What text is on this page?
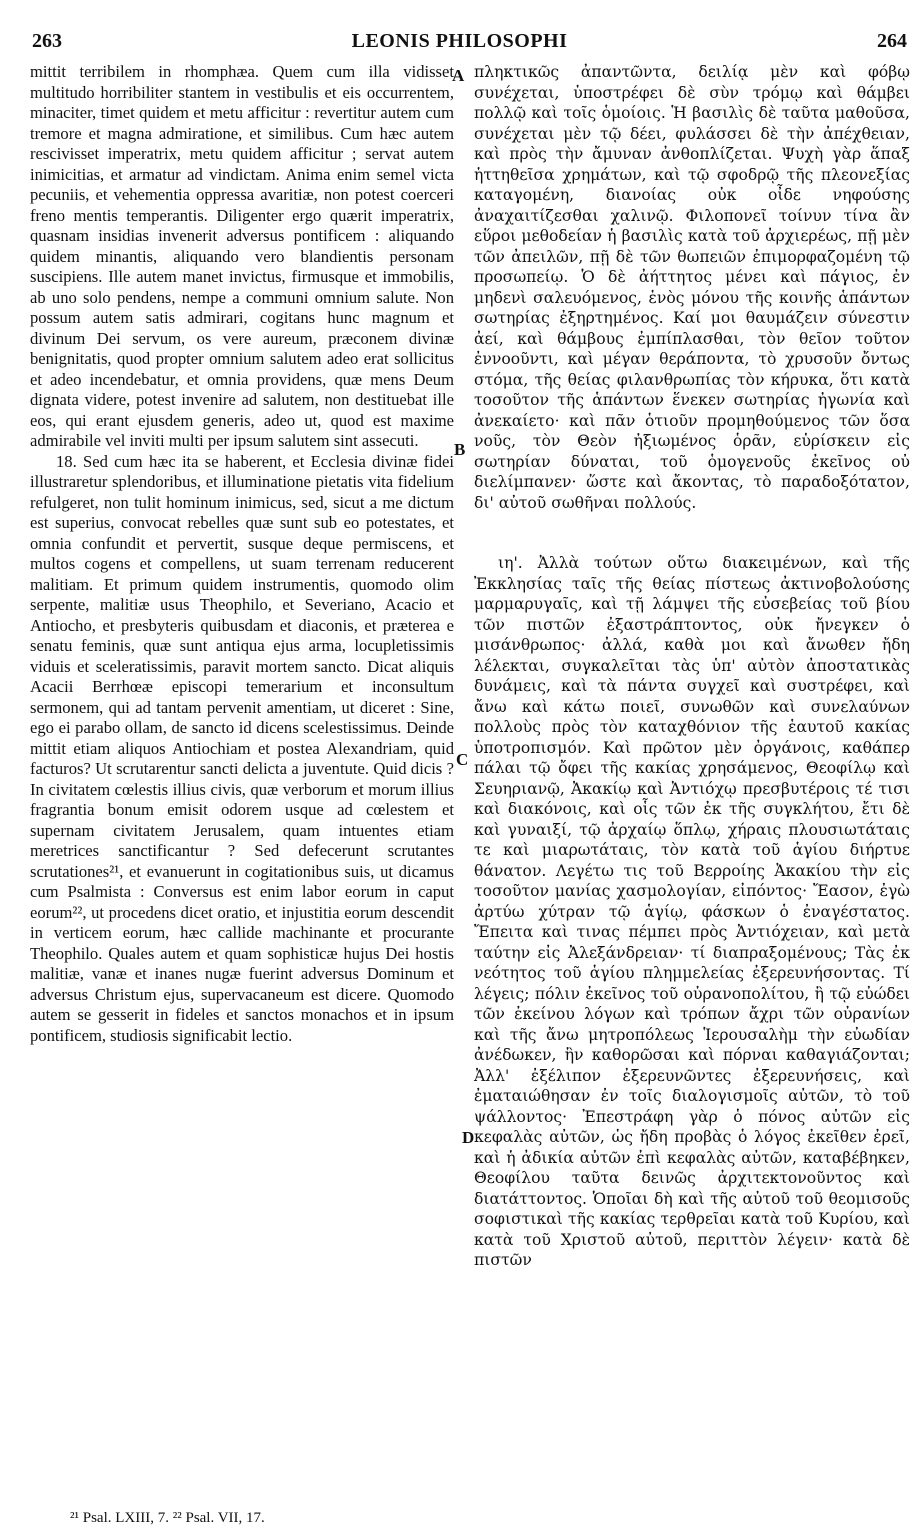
263	LEONIS PHILOSOPHI	264

mittit terribilem in rhomphæa. Quem cum illa vidisset multitudo horribiliter stantem in vestibulis et eis occurrentem, minaciter, timet quidem et metu afficitur : revertitur autem cum tremore et magna admiratione, et similibus. Cum hæc autem rescivisset imperatrix, metu quidem afficitur ; servat autem inimicitias, et armatur ad vindictam. Anima enim semel victa pecuniis, et vehementia oppressa avaritiæ, non potest coerceri freno mentis temperantis. Diligenter ergo quærit imperatrix, quasnam insidias invenerit adversus pontificem : aliquando quidem minantis, aliquando vero blandientis personam suscipiens. Ille autem manet invictus, firmusque et immobilis, ab uno solo pendens, nempe a communi omnium salute. Non possum autem satis admirari, cogitans hunc magnum et divinum Dei servum, os vere aureum, præconem divinæ benignitatis, quod propter omnium salutem adeo erat sollicitus et adeo incendebatur, et omnia providens, quæ mens Deum dignata videre, potest invenire ad salutem, non destituebat ille eos, qui erant ejusdem generis, adeo ut, quod est maxime admirabile vel inviti multi per ipsum salutem sint assecuti.

18. Sed cum hæc ita se haberent, et Ecclesia divinæ fidei illustraretur splendoribus, et illuminatione pietatis vita fidelium refulgeret, non tulit hominum inimicus, sed, sicut a me dictum est superius, convocat rebelles quæ sunt sub eo potestates, et omnia confundit et pervertit, susque deque permiscens, et multos cogens et compellens, ut suam terrenam reducerent malitiam. Et primum quidem instrumentis, quomodo olim serpente, malitiæ usus Theophilo, et Severiano, Acacio et Antiocho, et presbyteris quibusdam et diaconis, et præterea e senatu feminis, quæ sunt antiqua ejus arma, locupletissimis viduis et sceleratissimis, paravit mortem sancto. Dicat aliquis Acacii Berrhœæ episcopi temerarium et inconsultum sermonem, qui ad tantam pervenit amentiam, ut diceret : Sine, ego ei parabo ollam, de sancto id dicens scelestissimus. Deinde mittit etiam aliquos Antiochiam et postea Alexandriam, quid facturos? Ut scrutarentur sancti delicta a juventute. Quid dicis ? In civitatem cœlestis illius civis, quæ verborum et morum illius fragrantia bonum emisit odorem usque ad cœlestem et supernam civitatem Jerusalem, quam intuentes etiam meretrices sanctificantur ? Sed defecerunt scrutantes scrutationes²¹, et evanuerunt in cogitationibus suis, ut dicamus cum Psalmista : Conversus est enim labor eorum in caput eorum²², ut procedens dicet oratio, et injustitia eorum descendit in verticem eorum, hæc callide machinante et procurante Theophilo. Quales autem et quam sophisticæ hujus Dei hostis malitiæ, vanæ et inanes nugæ fuerint adversus Dominum et adversus Christum ejus, supervacaneum est dicere. Quomodo autem se gesserit in fideles et sanctos monachos et in ipsum pontificem, studiosis significabit lectio.

πληκτικῶς ἀπαντῶντα, δειλίᾳ μὲν καὶ φόβῳ συνέχεται, ὑποστρέφει δὲ σὺν τρόμῳ καὶ θάμβει πολλῷ καὶ τοῖς ὁμοίοις. Ἡ βασιλὶς δὲ ταῦτα μαθοῦσα, συνέχεται μὲν τῷ δέει, φυλάσσει δὲ τὴν ἀπέχθειαν, καὶ πρὸς τὴν ἄμυναν ἀνθοπλίζεται. Ψυχὴ γὰρ ἅπαξ ἡττηθεῖσα χρημάτων, καὶ τῷ σφοδρῷ τῆς πλεονεξίας καταγομένη, διανοίας οὐκ οἶδε νηφούσης ἀναχαιτίζεσθαι χαλινῷ. Φιλοπονεῖ τοίνυν τίνα ἂν εὕροι μεθοδείαν ἡ βασιλὶς κατὰ τοῦ ἀρχιερέως, πῇ μὲν τῶν ἀπειλῶν, πῇ δὲ τῶν θωπειῶν ἐπιμορφαζομένη τῷ προσωπείῳ. Ὁ δὲ ἀήττητος μένει καὶ πάγιος, ἐν μηδενὶ σαλευόμενος, ἑνὸς μόνου τῆς κοινῆς ἁπάντων σωτηρίας ἐξηρτημένος. Καί μοι θαυμάζειν σύνεστιν ἀεί, καὶ θάμβους ἐμπίπλασθαι, τὸν θεῖον τοῦτον ἐννοοῦντι, καὶ μέγαν θεράποντα, τὸ χρυσοῦν ὄντως στόμα, τῆς θείας φιλανθρωπίας τὸν κήρυκα, ὅτι κατὰ τοσοῦτον τῆς ἁπάντων ἕνεκεν σωτηρίας ἠγωνία καὶ ἀνεκαίετο· καὶ πᾶν ὁτιοῦν προμηθούμενος τῶν ὅσα νοῦς, τὸν Θεὸν ἠξιωμένος ὁρᾶν, εὑρίσκειν εἰς σωτηρίαν δύναται, τοῦ ὁμογενοῦς ἐκεῖνος οὐ διελίμπανεν· ὥστε καὶ ἄκοντας, τὸ παραδοξότατον, δι' αὐτοῦ σωθῆναι πολλούς.

ιη'. Ἀλλὰ τούτων οὕτω διακειμένων, καὶ τῆς Ἐκκλησίας ταῖς τῆς θείας πίστεως ἀκτινοβολούσης μαρμαρυγαῖς, καὶ τῇ λάμψει τῆς εὐσεβείας τοῦ βίου τῶν πιστῶν ἐξαστράπτοντος, οὐκ ἤνεγκεν ὁ μισάνθρωπος· ἀλλά, καθὰ μοι καὶ ἄνωθεν ἤδη λέλεκται, συγκαλεῖται τὰς ὑπ' αὐτὸν ἀποστατικὰς δυνάμεις, καὶ τὰ πάντα συγχεῖ καὶ συστρέφει, καὶ ἄνω καὶ κάτω ποιεῖ, συνωθῶν καὶ συνελαύνων πολλοὺς πρὸς τὸν καταχθόνιον τῆς ἑαυτοῦ κακίας ὑποτροπισμόν. Καὶ πρῶτον μὲν ὀργάνοις, καθάπερ πάλαι τῷ ὄφει τῆς κακίας χρησάμενος, Θεοφίλῳ καὶ Σευηριανῷ, Ἀκακίῳ καὶ Ἀντιόχῳ πρεσβυτέροις τέ τισι καὶ διακόνοις, καὶ οἷς τῶν ἐκ τῆς συγκλήτου, ἔτι δὲ καὶ γυναιξί, τῷ ἀρχαίῳ ὅπλῳ, χήραις πλουσιωτάταις τε καὶ μιαρωτάταις, τὸν κατὰ τοῦ ἁγίου διήρτυε θάνατον. Λεγέτω τις τοῦ Βερροίης Ἀκακίου τὴν εἰς τοσοῦτον μανίας χασμολογίαν, εἰπόντος· Ἔασον, ἐγὼ ἀρτύω χύτραν τῷ ἁγίῳ, φάσκων ὁ ἐναγέστατος. Ἔπειτα καὶ τινας πέμπει πρὸς Ἀντιόχειαν, καὶ μετὰ ταύτην εἰς Ἀλεξάνδρειαν· τί διαπραξομένους; Τὰς ἐκ νεότητος τοῦ ἁγίου πλημμελείας ἐξερευνήσοντας. Τί λέγεις; πόλιν ἐκεῖνος τοῦ οὐρανοπολίτου, ἣ τῷ εὐώδει τῶν ἐκείνου λόγων καὶ τρόπων ἄχρι τῶν οὐρανίων καὶ τῆς ἄνω μητροπόλεως Ἱερουσαλὴμ τὴν εὐωδίαν ἀνέδωκεν, ἣν καθορῶσαι καὶ πόρναι καθαγιάζονται; Ἀλλ' ἐξέλιπον ἐξερευνῶντες ἐξερευνήσεις, καὶ ἐματαιώθησαν ἐν τοῖς διαλογισμοῖς αὐτῶν, τὸ τοῦ ψάλλοντος· Ἐπεστράφη γὰρ ὁ πόνος αὐτῶν εἰς κεφαλὰς αὐτῶν, ὡς ἤδη προβὰς ὁ λόγος ἐκεῖθεν ἐρεῖ, καὶ ἡ ἀδικία αὐτῶν ἐπὶ κεφαλὰς αὐτῶν, καταβέβηκεν, Θεοφίλου ταῦτα δεινῶς ἀρχιτεκτονοῦντος καὶ διατάττοντος. Ὁποῖαι δὴ καὶ τῆς αὐτοῦ τοῦ θεομισοῦς σοφιστικαὶ τῆς κακίας τερθρεῖαι κατὰ τοῦ Κυρίου, καὶ κατὰ τοῦ Χριστοῦ αὐτοῦ, περιττὸν λέγειν· κατὰ δὲ πιστῶν

A
B
C
D
²¹ Psal. LXIII, 7. ²² Psal. VII, 17.
